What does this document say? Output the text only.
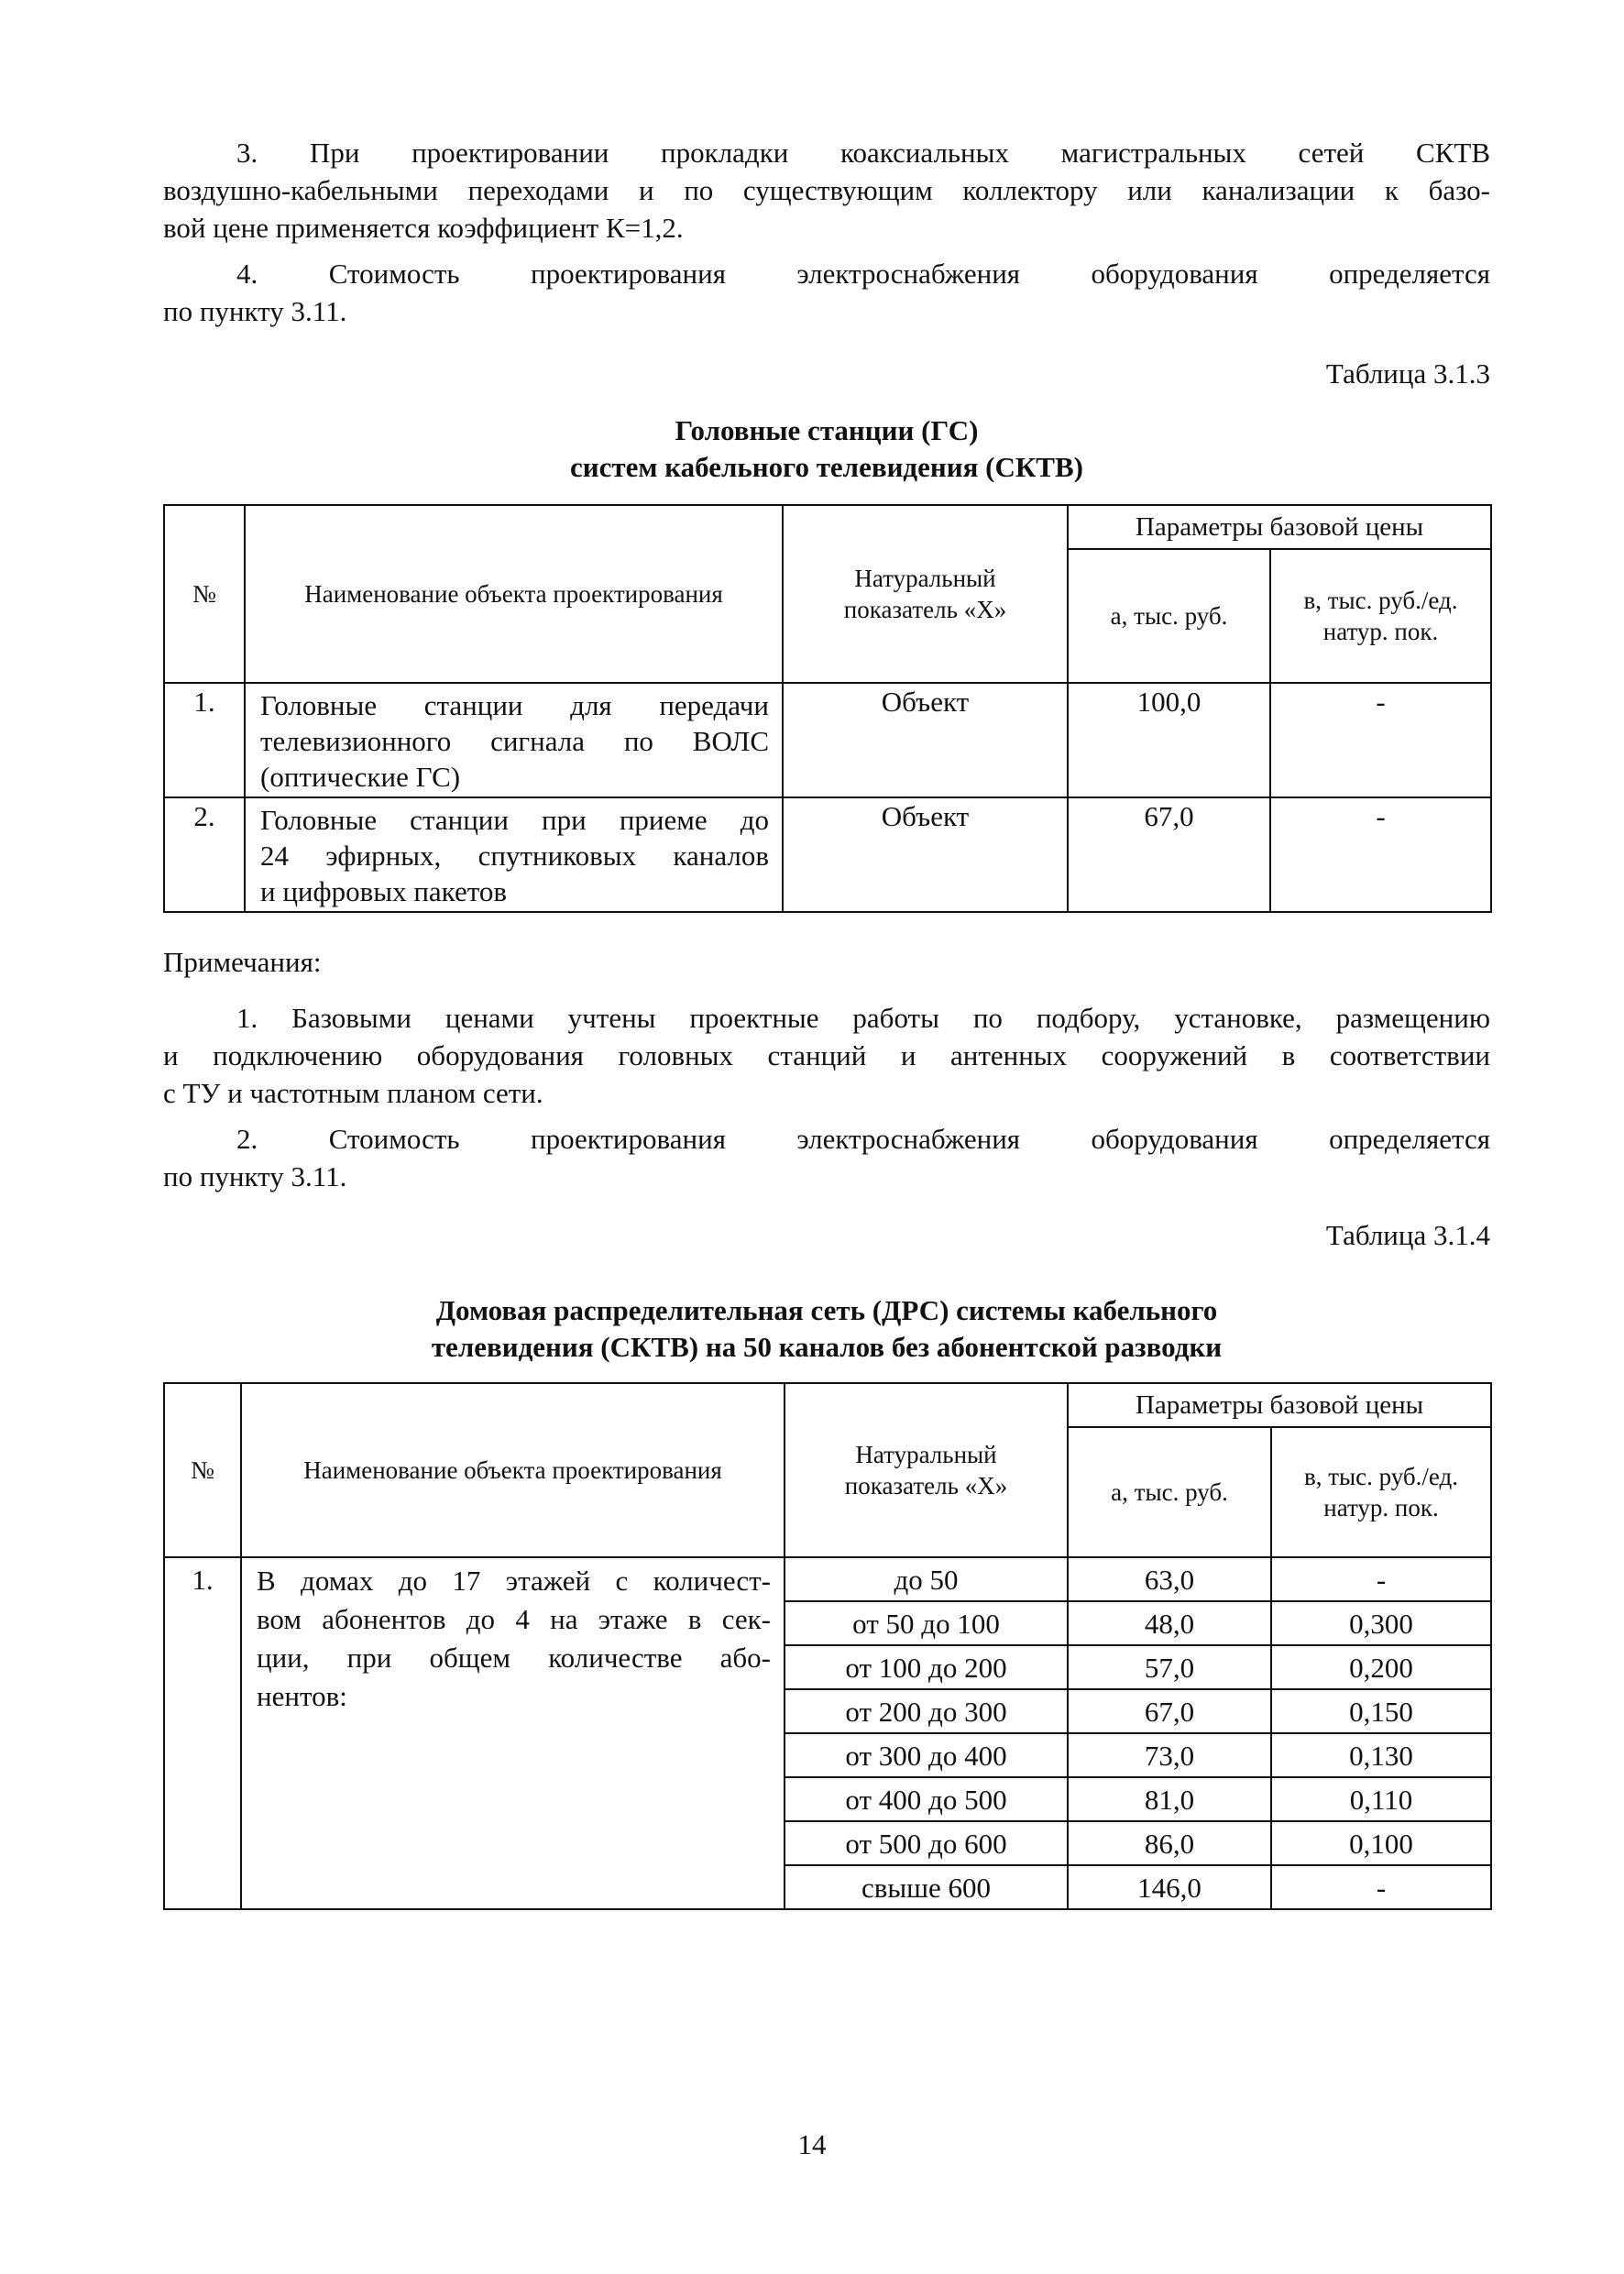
3. При проектировании прокладки коаксиальных магистральных сетей СКТВ
воздушно-кабельными переходами и по существующим коллектору или канализации к базо-
вой цене применяется коэффициент К=1,2.
4. Стоимость проектирования электроснабжения оборудования определяется
по пункту 3.11.
Таблица 3.1.3
Головные станции (ГС)
систем кабельного телевидения (СКТВ)
№	Наименование объекта проектирования	Натуральный показатель «Х»	Параметры базовой цены	
			а, тыс. руб.	в, тыс. руб./ед. натур. пок.
1.	Головные станции для передачи
телевизионного сигнала по ВОЛС
(оптические ГС)	Объект	100,0	-
2.	Головные станции при приеме до
24 эфирных, спутниковых каналов
и цифровых пакетов	Объект	67,0	-
Примечания:
1. Базовыми ценами учтены проектные работы по подбору, установке, размещению
и подключению оборудования головных станций и антенных сооружений в соответствии
с ТУ и частотным планом сети.
2. Стоимость проектирования электроснабжения оборудования определяется
по пункту 3.11.
Таблица 3.1.4
Домовая распределительная сеть (ДРС) системы кабельного
телевидения (СКТВ) на 50 каналов без абонентской разводки
№	Наименование объекта проектирования	Натуральный показатель «Х»	Параметры базовой цены	
			а, тыс. руб.	в, тыс. руб./ед. натур. пок.
1.	В домах до 17 этажей с количест-
вом абонентов до 4 на этаже в сек-
ции, при общем количестве або-
нентов:	до 50	63,0	-
		от 50 до 100	48,0	0,300
		от 100 до 200	57,0	0,200
		от 200 до 300	67,0	0,150
		от 300 до 400	73,0	0,130
		от 400 до 500	81,0	0,110
		от 500 до 600	86,0	0,100
		свыше 600	146,0	-
14
